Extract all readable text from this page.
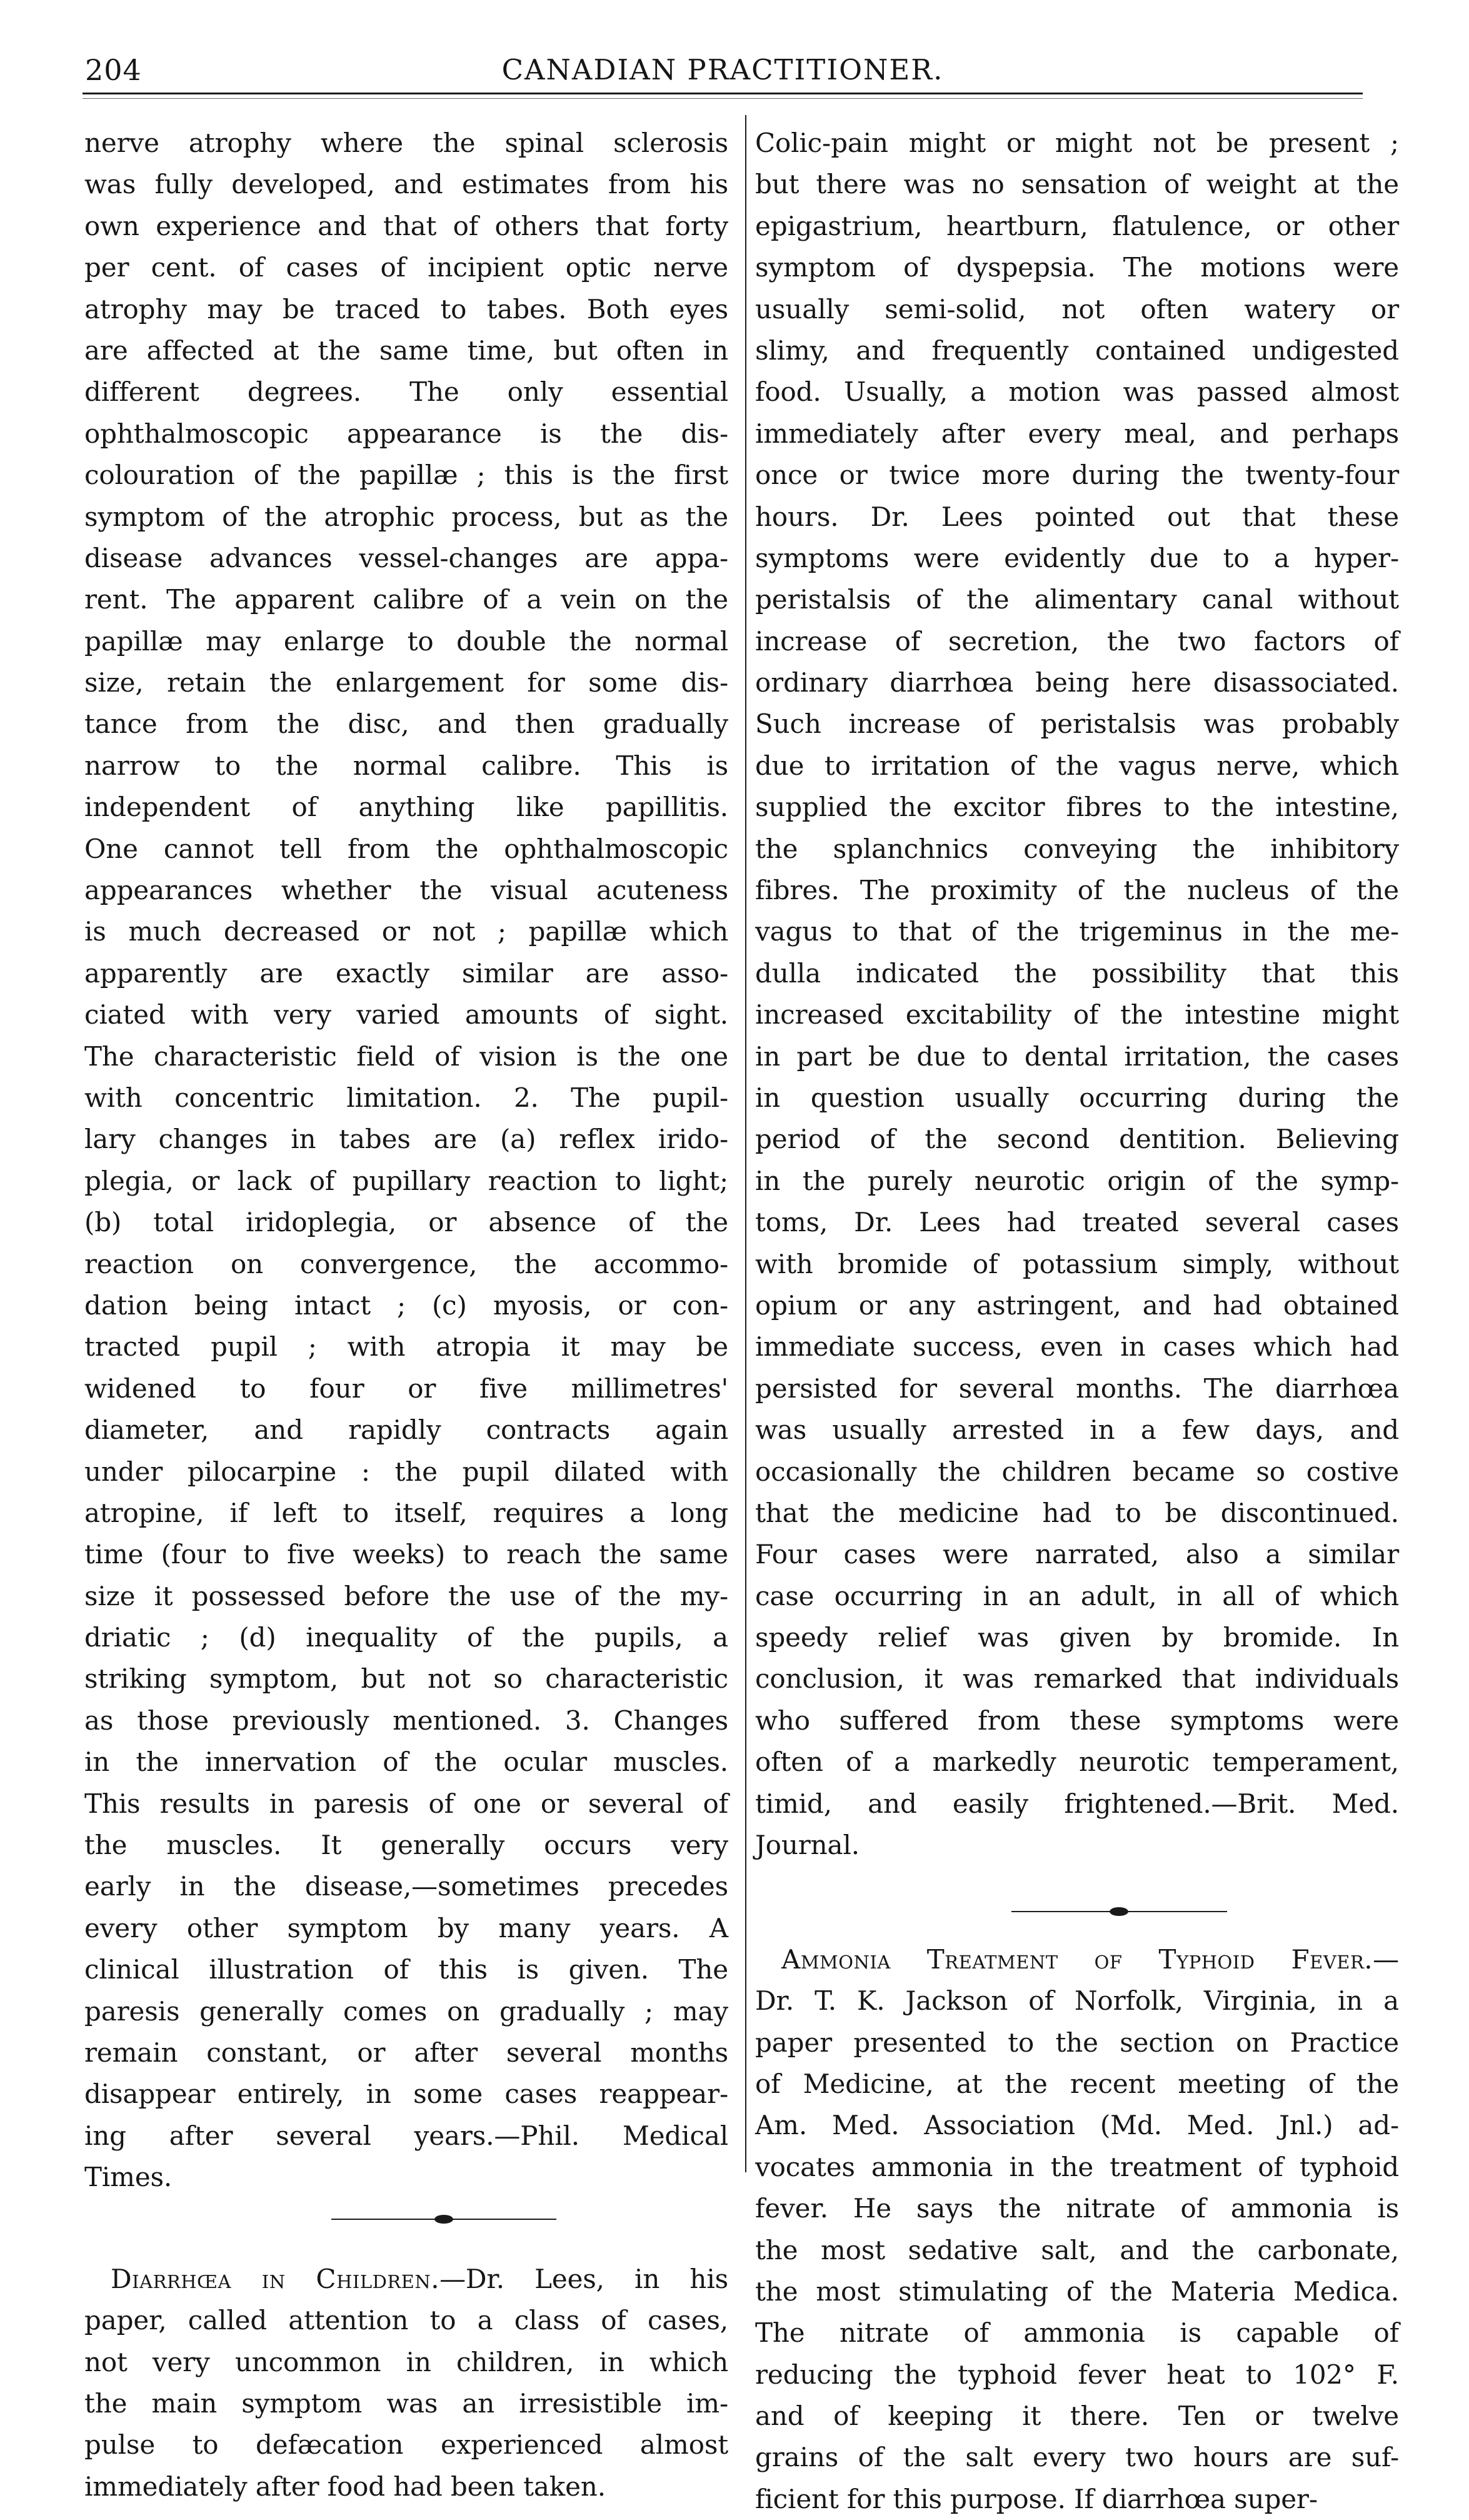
204	CANADIAN PRACTITIONER.
nerve atrophy where the spinal sclerosis
was fully developed, and estimates from his
own experience and that of others that forty
per cent. of cases of incipient optic nerve
atrophy may be traced to tabes. Both eyes
are affected at the same time, but often in
different degrees. The only essential
ophthalmoscopic appearance is the dis-
colouration of the papillæ ; this is the first
symptom of the atrophic process, but as the
disease advances vessel-changes are appa-
rent. The apparent calibre of a vein on the
papillæ may enlarge to double the normal
size, retain the enlargement for some dis-
tance from the disc, and then gradually
narrow to the normal calibre. This is
independent of anything like papillitis.
One cannot tell from the ophthalmoscopic
appearances whether the visual acuteness
is much decreased or not ; papillæ which
apparently are exactly similar are asso-
ciated with very varied amounts of sight.
The characteristic field of vision is the one
with concentric limitation. 2. The pupil-
lary changes in tabes are (a) reflex irido-
plegia, or lack of pupillary reaction to light;
(b) total iridoplegia, or absence of the
reaction on convergence, the accommo-
dation being intact ; (c) myosis, or con-
tracted pupil ; with atropia it may be
widened to four or five millimetres'
diameter, and rapidly contracts again
under pilocarpine : the pupil dilated with
atropine, if left to itself, requires a long
time (four to five weeks) to reach the same
size it possessed before the use of the my-
driatic ; (d) inequality of the pupils, a
striking symptom, but not so characteristic
as those previously mentioned. 3. Changes
in the innervation of the ocular muscles.
This results in paresis of one or several of
the muscles. It generally occurs very
early in the disease,—sometimes precedes
every other symptom by many years. A
clinical illustration of this is given. The
paresis generally comes on gradually ; may
remain constant, or after several months
disappear entirely, in some cases reappear-
ing after several years.—Phil. Medical
Times.
Diarrhœa in Children.—Dr. Lees, in his
paper, called attention to a class of cases,
not very uncommon in children, in which
the main symptom was an irresistible im-
pulse to defæcation experienced almost
immediately after food had been taken.
Colic-pain might or might not be present ;
but there was no sensation of weight at the
epigastrium, heartburn, flatulence, or other
symptom of dyspepsia. The motions were
usually semi-solid, not often watery or
slimy, and frequently contained undigested
food. Usually, a motion was passed almost
immediately after every meal, and perhaps
once or twice more during the twenty-four
hours. Dr. Lees pointed out that these
symptoms were evidently due to a hyper-
peristalsis of the alimentary canal without
increase of secretion, the two factors of
ordinary diarrhœa being here disassociated.
Such increase of peristalsis was probably
due to irritation of the vagus nerve, which
supplied the excitor fibres to the intestine,
the splanchnics conveying the inhibitory
fibres. The proximity of the nucleus of the
vagus to that of the trigeminus in the me-
dulla indicated the possibility that this
increased excitability of the intestine might
in part be due to dental irritation, the cases
in question usually occurring during the
period of the second dentition. Believing
in the purely neurotic origin of the symp-
toms, Dr. Lees had treated several cases
with bromide of potassium simply, without
opium or any astringent, and had obtained
immediate success, even in cases which had
persisted for several months. The diarrhœa
was usually arrested in a few days, and
occasionally the children became so costive
that the medicine had to be discontinued.
Four cases were narrated, also a similar
case occurring in an adult, in all of which
speedy relief was given by bromide. In
conclusion, it was remarked that individuals
who suffered from these symptoms were
often of a markedly neurotic temperament,
timid, and easily frightened.—Brit. Med.
Journal.
Ammonia Treatment of Typhoid Fever.—
Dr. T. K. Jackson of Norfolk, Virginia, in a
paper presented to the section on Practice
of Medicine, at the recent meeting of the
Am. Med. Association (Md. Med. Jnl.) ad-
vocates ammonia in the treatment of typhoid
fever. He says the nitrate of ammonia is
the most sedative salt, and the carbonate,
the most stimulating of the Materia Medica.
The nitrate of ammonia is capable of
reducing the typhoid fever heat to 102° F.
and of keeping it there. Ten or twelve
grains of the salt every two hours are suf-
ficient for this purpose. If diarrhœa super-
